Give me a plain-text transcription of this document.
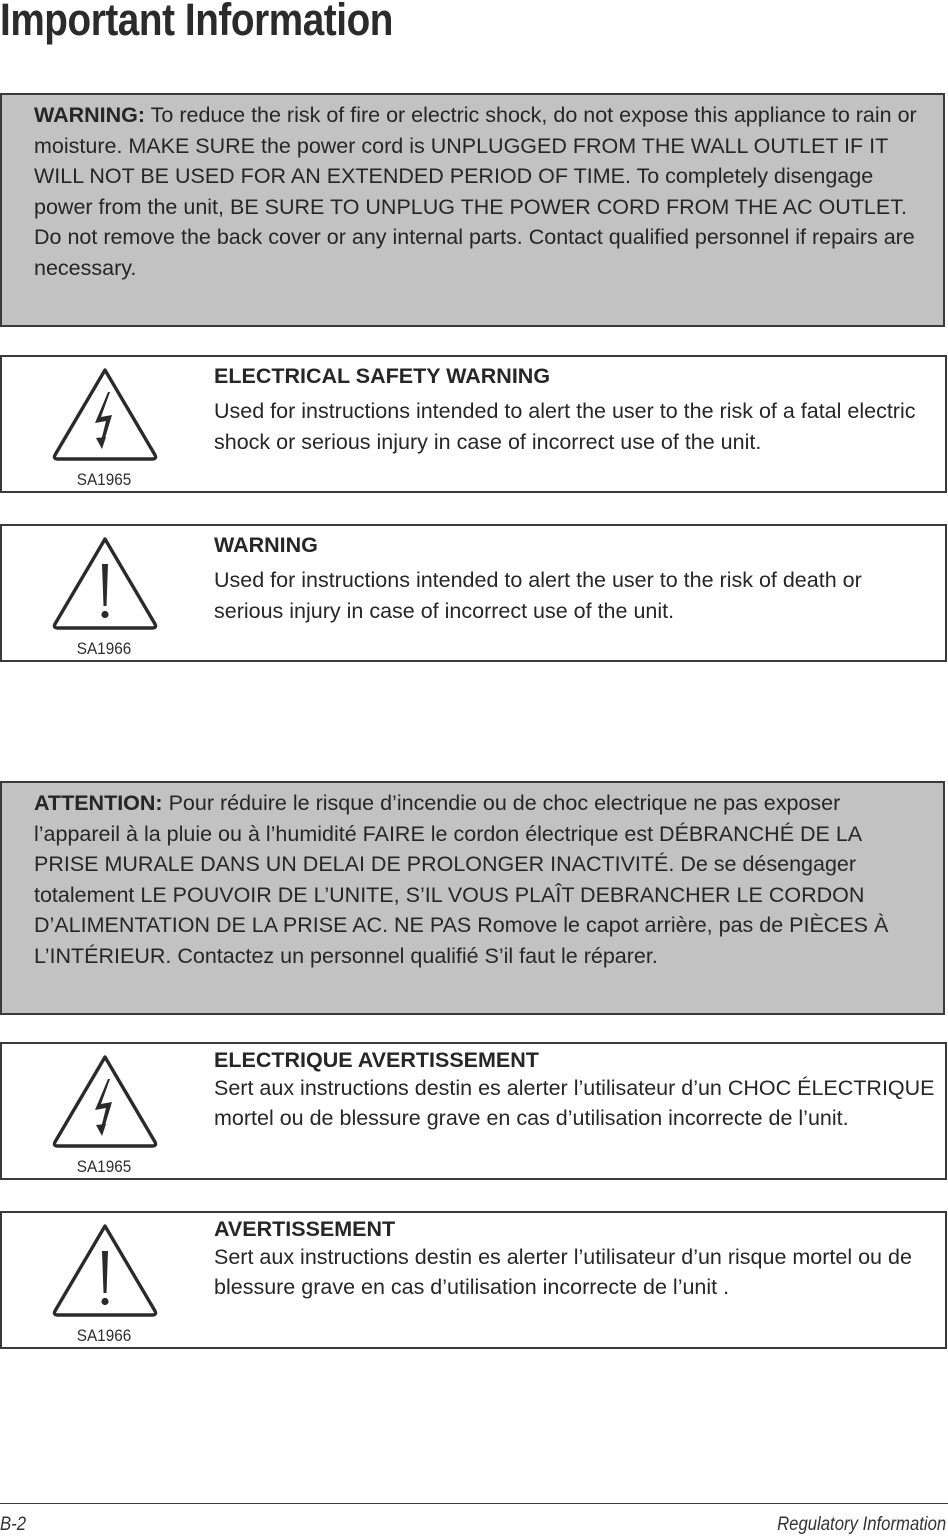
Important Information

WARNING: To reduce the risk of fire or electric shock, do not expose this appliance to rain or moisture. MAKE SURE the power cord is UNPLUGGED FROM THE WALL OUTLET IF IT WILL NOT BE USED FOR AN EXTENDED PERIOD OF TIME. To completely disengage power from the unit, BE SURE TO UNPLUG THE POWER CORD FROM THE AC OUTLET. Do not remove the back cover or any internal parts. Contact qualified personnel if repairs are necessary.

SA1965

ELECTRICAL SAFETY WARNING

Used for instructions intended to alert the user to the risk of a fatal electric shock or serious injury in case of incorrect use of the unit.

SA1966

WARNING

Used for instructions intended to alert the user to the risk of death or serious injury in case of incorrect use of the unit.

ATTENTION: Pour réduire le risque d’incendie ou de choc electrique ne pas exposer l’appareil à la pluie ou à l’humidité FAIRE le cordon électrique est DÉBRANCHÉ DE LA PRISE MURALE DANS UN DELAI DE PROLONGER INACTIVITÉ. De se désengager totalement LE POUVOIR DE L’UNITE, S’IL VOUS PLAÎT DEBRANCHER LE CORDON D’ALIMENTATION DE LA PRISE AC. NE PAS Romove le capot arrière, pas de PIÈCES À L’INTÉRIEUR. Contactez un personnel qualifié S’il faut le réparer.

SA1965

ELECTRIQUE AVERTISSEMENT

Sert aux instructions destin es alerter l’utilisateur d’un CHOC ÉLECTRIQUE mortel ou de blessure grave en cas d’utilisation incorrecte de l’unit.

SA1966

AVERTISSEMENT

Sert aux instructions destin es alerter l’utilisateur d’un risque mortel ou de blessure grave en cas d’utilisation incorrecte de l’unit .

B-2	Regulatory Information
